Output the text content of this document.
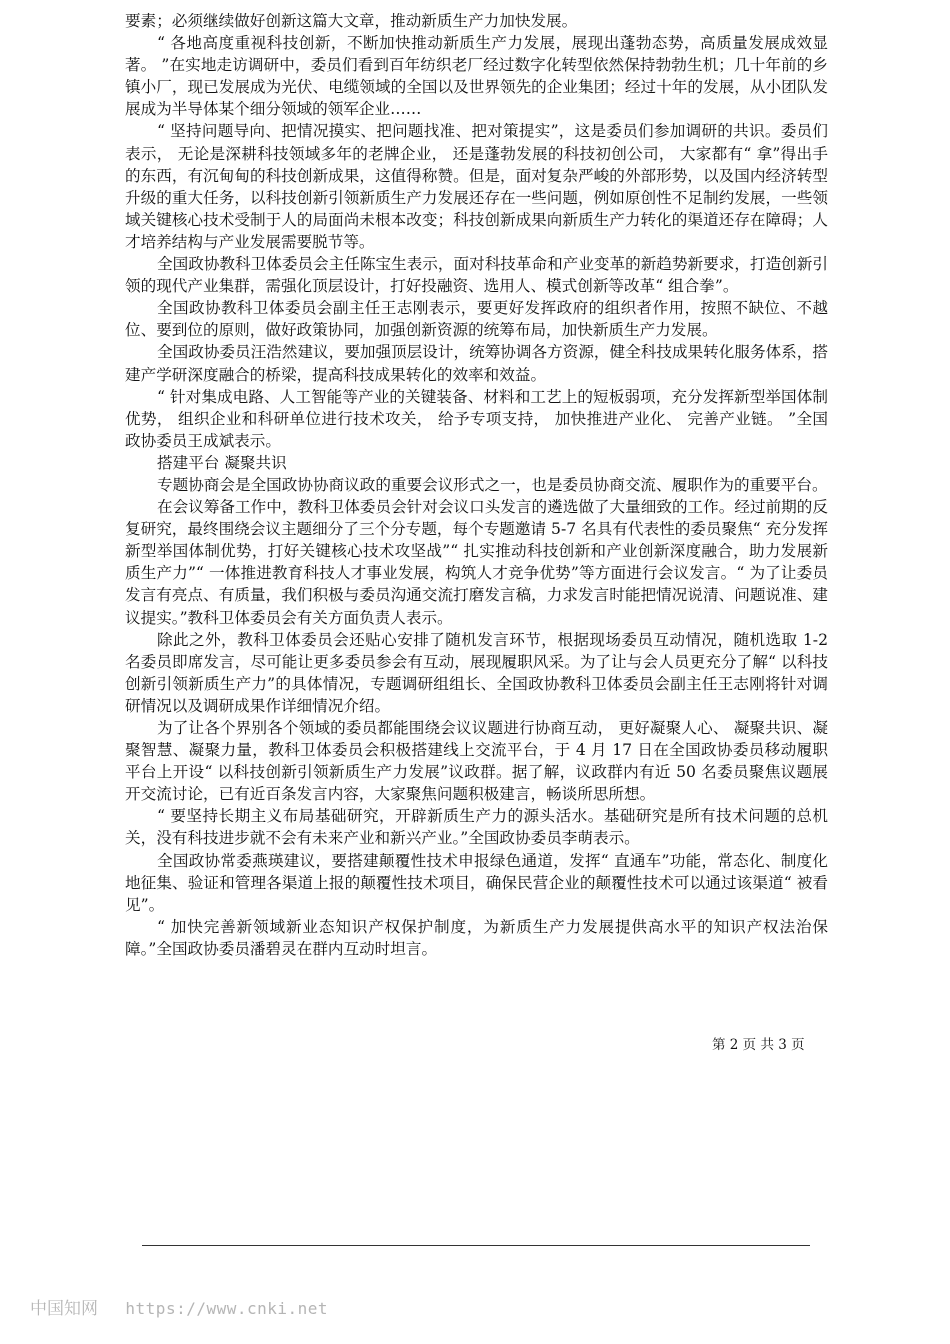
要素；必须继续做好创新这篇大文章，推动新质生产力加快发展。

“ 各地高度重视科技创新，不断加快推动新质生产力发展，展现出蓬勃态势，高质量发展成效显著。 ”在实地走访调研中，委员们看到百年纺织老厂经过数字化转型依然保持勃勃生机；几十年前的乡镇小厂，现已发展成为光伏、电缆领域的全国以及世界领先的企业集团；经过十年的发展，从小团队发展成为半导体某个细分领域的领军企业……

“ 坚持问题导向、把情况摸实、把问题找准、把对策提实”，这是委员们参加调研的共识。委员们表示， 无论是深耕科技领域多年的老牌企业， 还是蓬勃发展的科技初创公司， 大家都有“ 拿”得出手的东西，有沉甸甸的科技创新成果，这值得称赞。但是，面对复杂严峻的外部形势，以及国内经济转型升级的重大任务，以科技创新引领新质生产力发展还存在一些问题，例如原创性不足制约发展，一些领域关键核心技术受制于人的局面尚未根本改变；科技创新成果向新质生产力转化的渠道还存在障碍；人才培养结构与产业发展需要脱节等。

全国政协教科卫体委员会主任陈宝生表示，面对科技革命和产业变革的新趋势新要求，打造创新引领的现代产业集群，需强化顶层设计，打好投融资、选用人、模式创新等改革“ 组合拳”。

全国政协教科卫体委员会副主任王志刚表示，要更好发挥政府的组织者作用，按照不缺位、不越位、要到位的原则，做好政策协同，加强创新资源的统筹布局，加快新质生产力发展。

全国政协委员汪浩然建议，要加强顶层设计，统筹协调各方资源，健全科技成果转化服务体系，搭建产学研深度融合的桥梁，提高科技成果转化的效率和效益。

“ 针对集成电路、人工智能等产业的关键装备、材料和工艺上的短板弱项，充分发挥新型举国体制优势， 组织企业和科研单位进行技术攻关， 给予专项支持， 加快推进产业化、 完善产业链。 ”全国政协委员王成斌表示。

搭建平台 凝聚共识

专题协商会是全国政协协商议政的重要会议形式之一，也是委员协商交流、履职作为的重要平台。

在会议筹备工作中，教科卫体委员会针对会议口头发言的遴选做了大量细致的工作。经过前期的反复研究，最终围绕会议主题细分了三个分专题，每个专题邀请 5-7 名具有代表性的委员聚焦“ 充分发挥新型举国体制优势，打好关键核心技术攻坚战”“ 扎实推动科技创新和产业创新深度融合，助力发展新质生产力”“ 一体推进教育科技人才事业发展，构筑人才竞争优势”等方面进行会议发言。“ 为了让委员发言有亮点、有质量，我们积极与委员沟通交流打磨发言稿，力求发言时能把情况说清、问题说准、建议提实。”教科卫体委员会有关方面负责人表示。

除此之外，教科卫体委员会还贴心安排了随机发言环节，根据现场委员互动情况，随机选取 1-2 名委员即席发言，尽可能让更多委员参会有互动，展现履职风采。为了让与会人员更充分了解“ 以科技创新引领新质生产力”的具体情况，专题调研组组长、全国政协教科卫体委员会副主任王志刚将针对调研情况以及调研成果作详细情况介绍。

为了让各个界别各个领域的委员都能围绕会议议题进行协商互动， 更好凝聚人心、 凝聚共识、凝聚智慧、凝聚力量，教科卫体委员会积极搭建线上交流平台，于 4 月 17 日在全国政协委员移动履职平台上开设“ 以科技创新引领新质生产力发展”议政群。据了解，议政群内有近 50 名委员聚焦议题展开交流讨论，已有近百条发言内容，大家聚焦问题积极建言，畅谈所思所想。

“ 要坚持长期主义布局基础研究，开辟新质生产力的源头活水。基础研究是所有技术问题的总机关，没有科技进步就不会有未来产业和新兴产业。”全国政协委员李萌表示。

全国政协常委燕瑛建议，要搭建颠覆性技术申报绿色通道，发挥“ 直通车”功能，常态化、制度化地征集、验证和管理各渠道上报的颠覆性技术项目，确保民营企业的颠覆性技术可以通过该渠道“ 被看见”。

“ 加快完善新领域新业态知识产权保护制度，为新质生产力发展提供高水平的知识产权法治保障。”全国政协委员潘碧灵在群内互动时坦言。

第 2 页 共 3 页
中国知网 https://www.cnki.net
